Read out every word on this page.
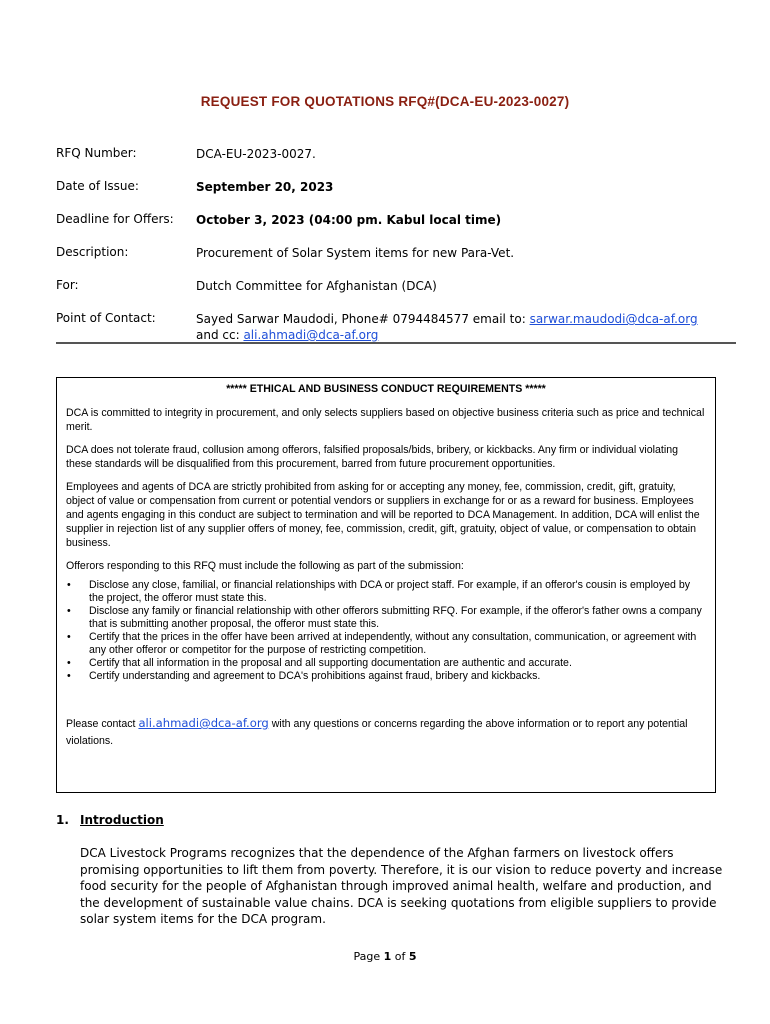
REQUEST FOR QUOTATIONS RFQ#(DCA-EU-2023-0027)
RFQ Number:	DCA-EU-2023-0027.
Date of Issue:	September 20, 2023
Deadline for Offers: October 3, 2023 (04:00 pm. Kabul local time)
Description:	Procurement of Solar System items for new Para-Vet.
For:	Dutch Committee for Afghanistan (DCA)
Point of Contact:	Sayed Sarwar Maudodi, Phone# 0794484577 email to: sarwar.maudodi@dca-af.org
and cc: ali.ahmadi@dca-af.org
***** ETHICAL AND BUSINESS CONDUCT REQUIREMENTS *****

DCA is committed to integrity in procurement, and only selects suppliers based on objective business criteria such as price and technical merit.

DCA does not tolerate fraud, collusion among offerors, falsified proposals/bids, bribery, or kickbacks. Any firm or individual violating these standards will be disqualified from this procurement, barred from future procurement opportunities.

Employees and agents of DCA are strictly prohibited from asking for or accepting any money, fee, commission, credit, gift, gratuity, object of value or compensation from current or potential vendors or suppliers in exchange for or as a reward for business. Employees and agents engaging in this conduct are subject to termination and will be reported to DCA Management. In addition, DCA will enlist the supplier in rejection list of any supplier offers of money, fee, commission, credit, gift, gratuity, object of value, or compensation to obtain business.

Offerors responding to this RFQ must include the following as part of the submission:

• Disclose any close, familial, or financial relationships with DCA or project staff. For example, if an offeror's cousin is employed by the project, the offeror must state this.
• Disclose any family or financial relationship with other offerors submitting RFQ. For example, if the offeror's father owns a company that is submitting another proposal, the offeror must state this.
• Certify that the prices in the offer have been arrived at independently, without any consultation, communication, or agreement with any other offeror or competitor for the purpose of restricting competition.
• Certify that all information in the proposal and all supporting documentation are authentic and accurate.
• Certify understanding and agreement to DCA's prohibitions against fraud, bribery and kickbacks.

Please contact ali.ahmadi@dca-af.org with any questions or concerns regarding the above information or to report any potential violations.

1. Introduction
DCA Livestock Programs recognizes that the dependence of the Afghan farmers on livestock offers promising opportunities to lift them from poverty. Therefore, it is our vision to reduce poverty and increase food security for the people of Afghanistan through improved animal health, welfare and production, and the development of sustainable value chains. DCA is seeking quotations from eligible suppliers to provide solar system items for the DCA program.
Page 1 of 5
